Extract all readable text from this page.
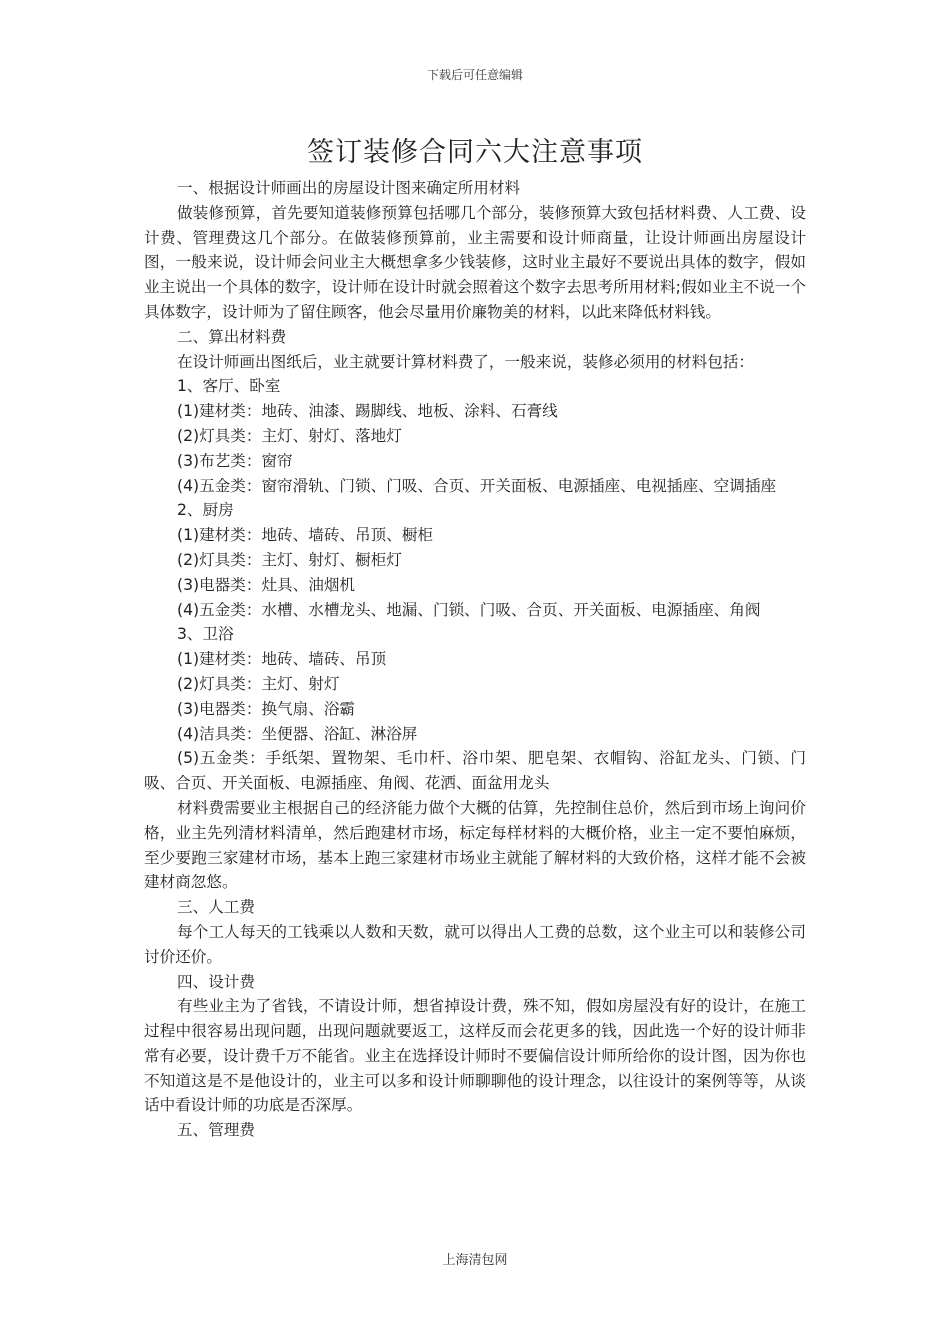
下载后可任意编辑
签订装修合同六大注意事项

一、根据设计师画出的房屋设计图来确定所用材料

做装修预算，首先要知道装修预算包括哪几个部分，装修预算大致包括材料费、人工费、设计费、管理费这几个部分。在做装修预算前，业主需要和设计师商量，让设计师画出房屋设计图，一般来说，设计师会问业主大概想拿多少钱装修，这时业主最好不要说出具体的数字，假如业主说出一个具体的数字，设计师在设计时就会照着这个数字去思考所用材料;假如业主不说一个具体数字，设计师为了留住顾客，他会尽量用价廉物美的材料，以此来降低材料钱。

二、算出材料费

在设计师画出图纸后，业主就要计算材料费了，一般来说，装修必须用的材料包括：

1、客厅、卧室

(1)建材类：地砖、油漆、踢脚线、地板、涂料、石膏线

(2)灯具类：主灯、射灯、落地灯

(3)布艺类：窗帘

(4)五金类：窗帘滑轨、门锁、门吸、合页、开关面板、电源插座、电视插座、空调插座

2、厨房

(1)建材类：地砖、墙砖、吊顶、橱柜

(2)灯具类：主灯、射灯、橱柜灯

(3)电器类：灶具、油烟机

(4)五金类：水槽、水槽龙头、地漏、门锁、门吸、合页、开关面板、电源插座、角阀

3、卫浴

(1)建材类：地砖、墙砖、吊顶

(2)灯具类：主灯、射灯

(3)电器类：换气扇、浴霸

(4)洁具类：坐便器、浴缸、淋浴屏

(5)五金类：手纸架、置物架、毛巾杆、浴巾架、肥皂架、衣帽钩、浴缸龙头、门锁、门吸、合页、开关面板、电源插座、角阀、花洒、面盆用龙头

材料费需要业主根据自己的经济能力做个大概的估算，先控制住总价，然后到市场上询问价格，业主先列清材料清单，然后跑建材市场，标定每样材料的大概价格，业主一定不要怕麻烦，至少要跑三家建材市场，基本上跑三家建材市场业主就能了解材料的大致价格，这样才能不会被建材商忽悠。

三、人工费

每个工人每天的工钱乘以人数和天数，就可以得出人工费的总数，这个业主可以和装修公司讨价还价。

四、设计费

有些业主为了省钱，不请设计师，想省掉设计费，殊不知，假如房屋没有好的设计，在施工过程中很容易出现问题，出现问题就要返工，这样反而会花更多的钱，因此选一个好的设计师非常有必要，设计费千万不能省。业主在选择设计师时不要偏信设计师所给你的设计图，因为你也不知道这是不是他设计的，业主可以多和设计师聊聊他的设计理念，以往设计的案例等等，从谈话中看设计师的功底是否深厚。

五、管理费

上海清包网
